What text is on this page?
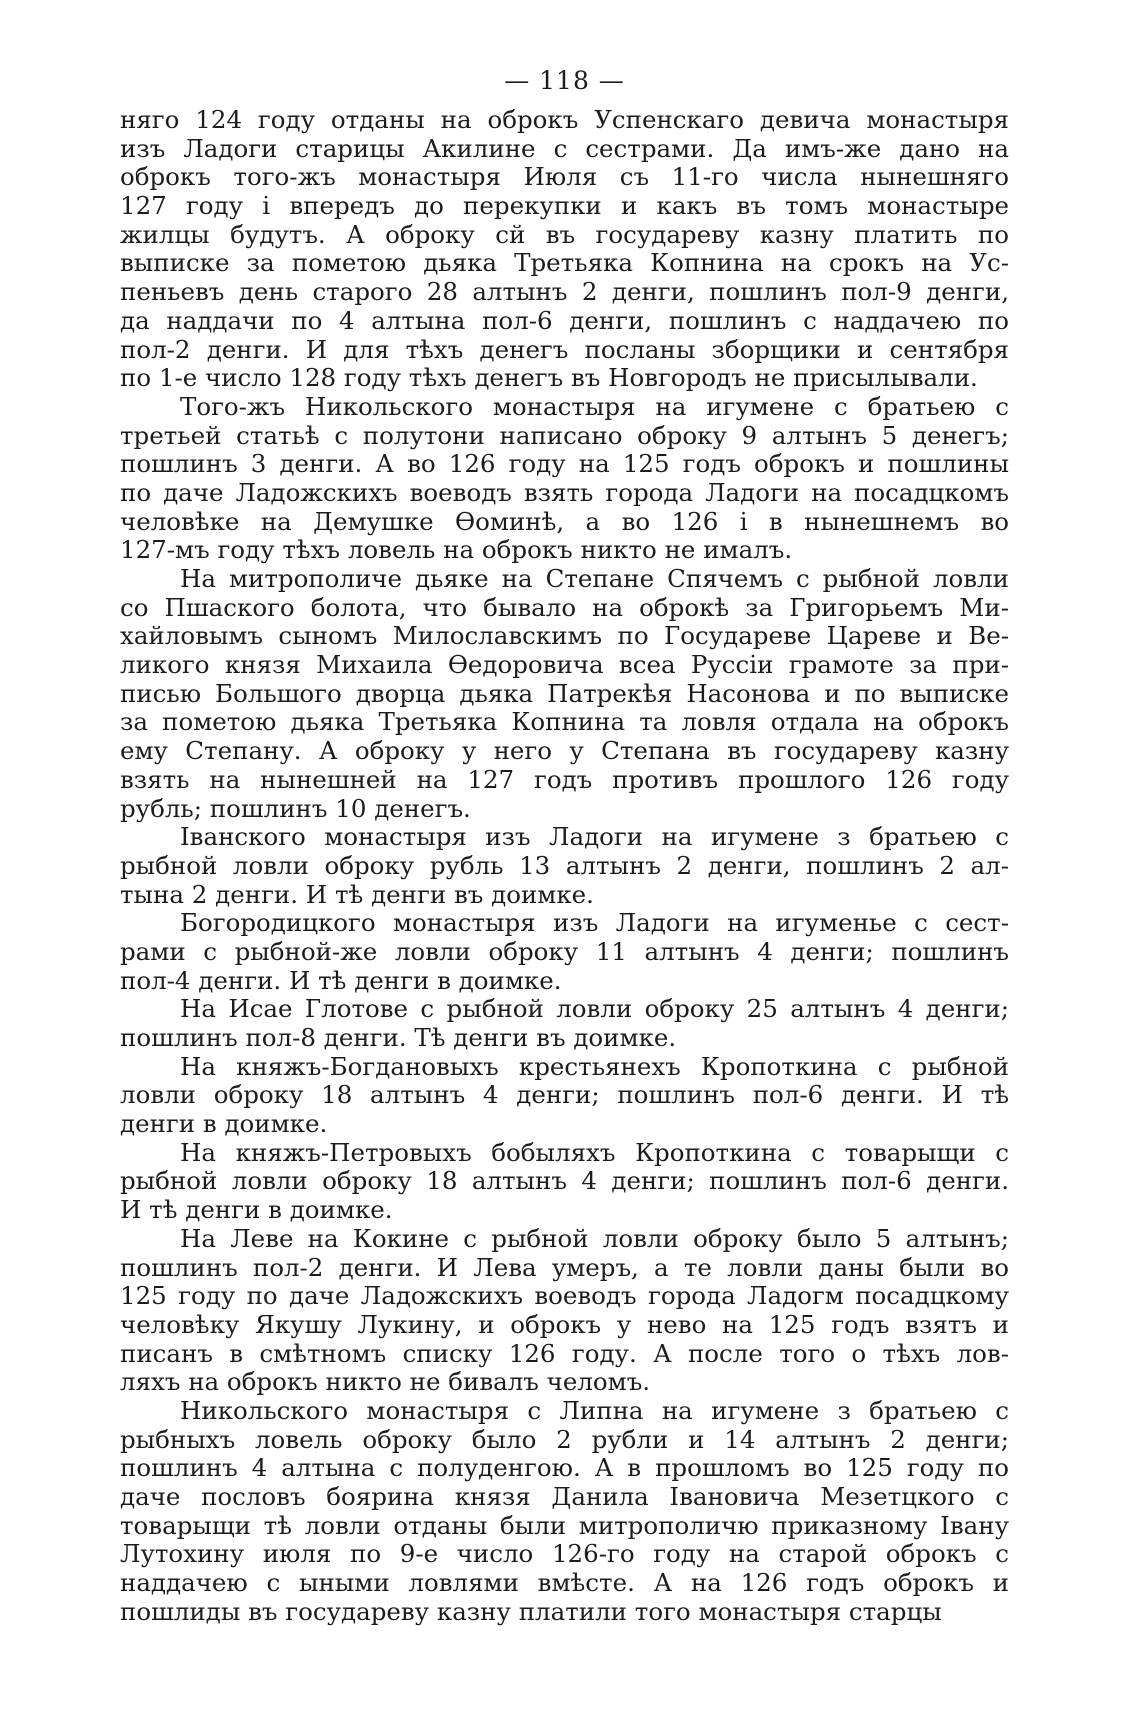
— 118 —
няго 124 году отданы на оброкъ Успенскаго девича монастыря
изъ Ладоги старицы Акилине с сестрами. Да имъ-же дано на
оброкъ того-жъ монастыря Июля съ 11-го числа нынешняго
127 году і впередъ до перекупки и какъ въ томъ монастыре
жилцы будутъ. А оброку сй въ государеву казну платить по
выписке за пометою дьяка Третьяка Копнина на срокъ на Ус-
пеньевъ день старого 28 алтынъ 2 денги, пошлинъ пол-9 денги,
да наддачи по 4 алтына пол-6 денги, пошлинъ с наддачею по
пол-2 денги. И для тѣхъ денегъ посланы зборщики и сентября
по 1-е число 128 году тѣхъ денегъ въ Новгородъ не присылывали.
Того-жъ Никольского монастыря на игумене с братьею с
третьей статьѣ с полутони написано оброку 9 алтынъ 5 денегъ;
пошлинъ 3 денги. А во 126 году на 125 годъ оброкъ и пошлины
по даче Ладожскихъ воеводъ взять города Ладоги на посадцкомъ
человѣке на Демушке Өоминѣ, а во 126 і в нынешнемъ во
127-мъ году тѣхъ ловель на оброкъ никто не ималъ.
На митрополиче дьяке на Степане Спячемъ с рыбной ловли
со Пшаского болота, что бывало на оброкѣ за Григорьемъ Ми-
хайловымъ сыномъ Милославскимъ по Государеве Цареве и Ве-
ликого князя Михаила Өедоровича всеа Руссіи грамоте за при-
писью Большого дворца дьяка Патрекѣя Насонова и по выписке
за пометою дьяка Третьяка Копнина та ловля отдала на оброкъ
ему Степану. А оброку у него у Степана въ государеву казну
взять на нынешней на 127 годъ противъ прошлого 126 году
рубль; пошлинъ 10 денегъ.
Іванского монастыря изъ Ладоги на игумене з братьею с
рыбной ловли оброку рубль 13 алтынъ 2 денги, пошлинъ 2 ал-
тына 2 денги. И тѣ денги въ доимке.
Богородицкого монастыря изъ Ладоги на игуменье с сест-
рами с рыбной-же ловли оброку 11 алтынъ 4 денги; пошлинъ
пол-4 денги. И тѣ денги в доимке.
На Исае Глотове с рыбной ловли оброку 25 алтынъ 4 денги;
пошлинъ пол-8 денги. Тѣ денги въ доимке.
На княжъ-Богдановыхъ крестьянехъ Кропоткина с рыбной
ловли оброку 18 алтынъ 4 денги; пошлинъ пол-6 денги. И тѣ
денги в доимке.
На княжъ-Петровыхъ бобыляхъ Кропоткина с товарыщи с
рыбной ловли оброку 18 алтынъ 4 денги; пошлинъ пол-6 денги.
И тѣ денги в доимке.
На Леве на Кокине с рыбной ловли оброку было 5 алтынъ;
пошлинъ пол-2 денги. И Лева умеръ, а те ловли даны были во
125 году по даче Ладожскихъ воеводъ города Ладогм посадцкому
человѣку Якушу Лукину, и оброкъ у нево на 125 годъ взятъ и
писанъ в смѣтномъ списку 126 году. А после того о тѣхъ лов-
ляхъ на оброкъ никто не бивалъ челомъ.
Никольского монастыря с Липна на игумене з братьею с
рыбныхъ ловель оброку было 2 рубли и 14 алтынъ 2 денги;
пошлинъ 4 алтына с полуденгою. А в прошломъ во 125 году по
даче пословъ боярина князя Данила Івановича Мезетцкого с
товарыщи тѣ ловли отданы были митрополичю приказному Івану
Лутохину июля по 9-е число 126-го году на старой оброкъ с
наддачею с ыными ловлями вмѣсте. А на 126 годъ оброкъ и
пошлиды въ государеву казну платили того монастыря старцы
